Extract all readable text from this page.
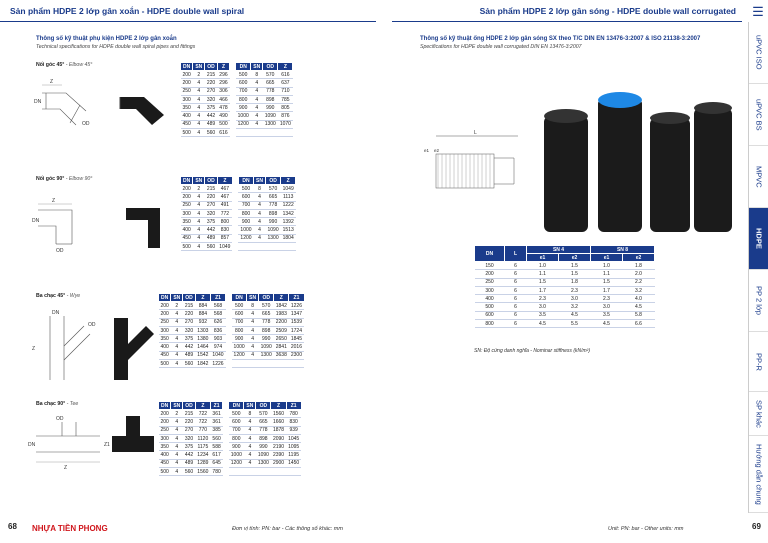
Sản phẩm HDPE 2 lớp gân xoắn - HDPE double wall spiral	Sản phẩm HDPE 2 lớp gân sóng - HDPE double wall corrugated ☰
uPVC ISO
uPVC BS
MPVC
HDPE
PP 2 lớp
PP-R
SP khác
Hướng dẫn chung
Thông số kỹ thuật phụ kiện HDPE 2 lớp gân xoắn
Technical specifications for HDPE double wall spiral pipes and fittings
Nối góc 45° - Elbow 45°
Z
DN
OD
DN	SN	OD	Z		DN	SN	OD	Z
200	2	215	296		500	8	570	616
200	4	220	296		600	4	665	637
250	4	270	306		700	4	778	710
300	4	320	466		800	4	898	785
350	4	375	478		900	4	990	805
400	4	442	490		1000	4	1090	876
450	4	489	500		1200	4	1300	1070
500	4	560	616					
Nối góc 90° - Elbow 90°
Z
DN
OD
DN	SN	OD	Z		DN	SN	OD	Z
200	2	215	467		500	8	570	1049
200	4	220	467		600	4	665	1113
250	4	270	491		700	4	778	1222
300	4	320	772		800	4	898	1342
350	4	375	800		900	4	990	1392
400	4	442	830		1000	4	1090	1513
450	4	489	857		1200	4	1300	1804
500	4	560	1049					
Ba chạc 45° - Wye
DN
OD
Z
DN	SN	OD	Z	Z1		DN	SN	OD	Z	Z1
200	2	215	884	568		500	8	570	1842	1226
200	4	220	884	568		600	4	665	1983	1347
250	4	270	932	626		700	4	778	2200	1539
300	4	320	1303	836		800	4	898	2509	1724
350	4	375	1380	903		900	4	990	2650	1845
400	4	442	1464	974		1000	4	1090	2841	2016
450	4	489	1542	1040		1200	4	1300	3638	2300
500	4	560	1842	1226						
Ba chạc 90° - Tee
OD
DN
Z
Z1
DN	SN	OD	Z	Z1		DN	SN	OD	Z	Z1
200	2	215	722	361		500	8	570	1560	780
200	4	220	722	361		600	4	665	1660	830
250	4	270	770	385		700	4	778	1878	939
300	4	320	1120	560		800	4	898	2090	1045
350	4	375	1175	588		900	4	990	2190	1095
400	4	442	1234	617		1000	4	1090	2390	1195
450	4	489	1289	645		1200	4	1300	2900	1450
500	4	560	1560	780						
Thông số kỹ thuật ống HDPE 2 lớp gân sóng SX theo T/C DIN EN 13476-3:2007 & ISO 21138-3:2007
Specifications for HDPE double wall corrugated DIN EN 13476-3:2007
L
e1 e2
DN	L	SN 4		SN 8	
		e1	e2	e1	e2
150	6	1.0	1.5	1.0	1.8
200	6	1.1	1.5	1.1	2.0
250	6	1.5	1.8	1.5	2.2
300	6	1.7	2.3	1.7	3.2
400	6	2.3	3.0	2.3	4.0
500	6	3.0	3.2	3.0	4.5
600	6	3.5	4.5	3.5	5.8
800	6	4.5	5.5	4.5	6.6
SN: Độ cứng danh nghĩa - Nominar stiffness (kN/m²)
68 NHỰA TIỀN PHONG	Đơn vị tính: PN: bar - Các thông số khác: mm	Unit: PN: bar - Other units: mm	69
